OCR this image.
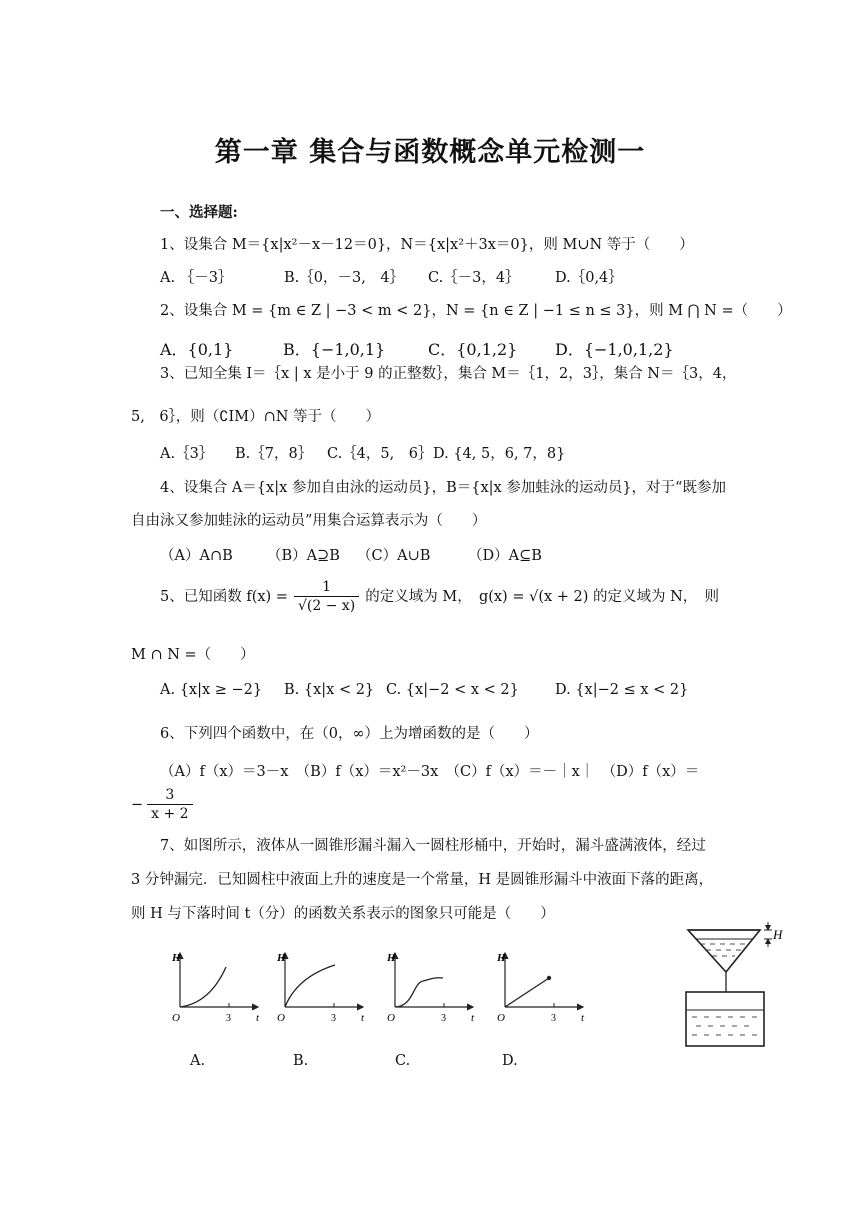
第一章 集合与函数概念单元检测一
一、选择题:
1、设集合 M＝{x|x²－x－12＝0}，N＝{x|x²＋3x＝0}，则 M∪N 等于（　　）
A. ｛－3｝	B.｛0，－3,　4｝ C.｛－3，4｝ D.｛0,4｝
2、设集合 M = {m ∈ Z | −3 < m < 2}，N = {n ∈ Z | −1 ≤ n ≤ 3}，则 M ⋂ N =（　　）
A．{0,1}	B．{−1,0,1}	C．{0,1,2} D．{−1,0,1,2}
3、已知全集 I＝｛x | x 是小于 9 的正整数｝，集合 M＝｛1，2，3｝，集合 N＝｛3，4，
5,　6｝，则（∁IM）∩N 等于（　　）
A.｛3｝ B.｛7，8｝ C.｛4，5,　6｝ D. {4, 5，6, 7，8}
4、设集合 A＝{x|x 参加自由泳的运动员}，B＝{x|x 参加蛙泳的运动员}，对于“既参加
自由泳又参加蛙泳的运动员”用集合运算表示为（　　）
（A）A∩B （B）A⊇B （C）A∪B	（D）A⊆B
5、已知函数 $f(x) = \frac{1}{√(2 - x)}$ 的定义域为 M，　g(x) = √(x + 2) 的定义域为 N，　则
M ∩ N =（　　）
A. {x|x ≥ −2} B. {x|x < 2} C. {x|−2 < x < 2} D. {x|−2 ≤ x < 2}
6、下列四个函数中，在（0，∞）上为增函数的是（　　）
（A）f（x）＝3－x　（B）f（x）＝x²－3x　（C）f（x）＝－｜x｜　（D）f（x）＝
− $\frac{3}{x + 2}$
7、如图所示，液体从一圆锥形漏斗漏入一圆柱形桶中，开始时，漏斗盛满液体，经过
3 分钟漏完．已知圆柱中液面上升的速度是一个常量，H 是圆锥形漏斗中液面下落的距离，
则 H 与下落时间 t（分）的函数关系表示的图象只可能是（　　）
H
t
O	3
H
t
O	3
H
t
O	3
H
t
O	3
A.	B.	C.	D.
H
